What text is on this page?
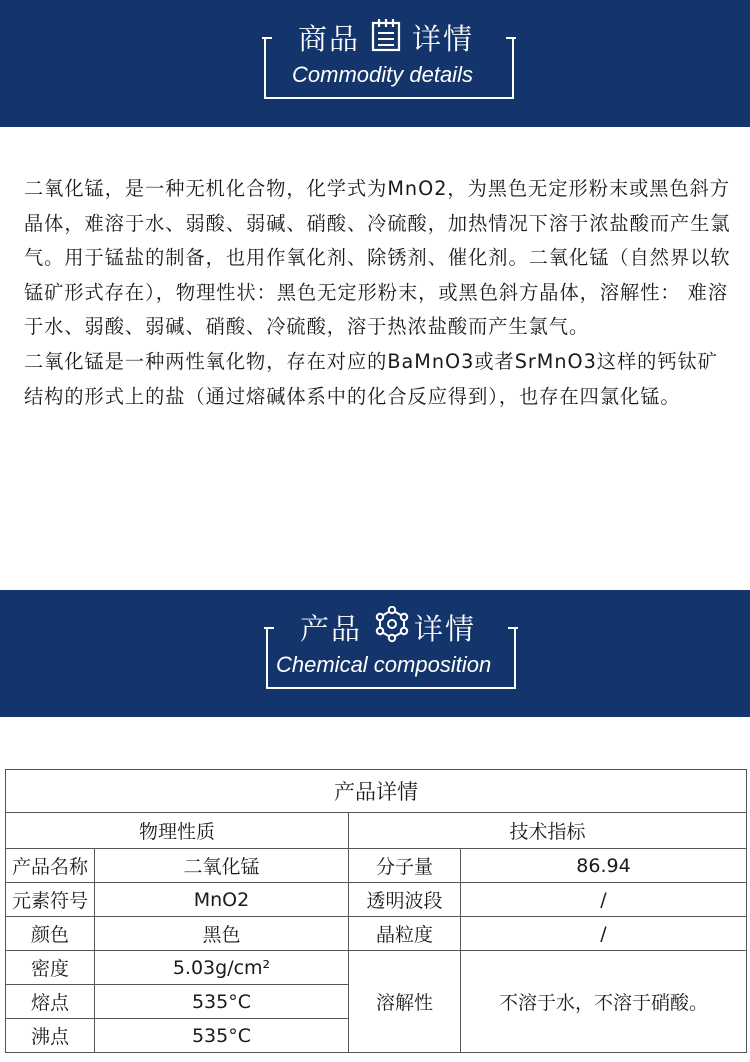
商品 详情
Commodity details

二氧化锰，是一种无机化合物，化学式为MnO2，为黑色无定形粉末或黑色斜方晶体，难溶于水、弱酸、弱碱、硝酸、冷硫酸，加热情况下溶于浓盐酸而产生氯气。用于锰盐的制备，也用作氧化剂、除锈剂、催化剂。二氧化锰（自然界以软锰矿形式存在），物理性状：黑色无定形粉末，或黑色斜方晶体，溶解性： 难溶于水、弱酸、弱碱、硝酸、冷硫酸，溶于热浓盐酸而产生氯气。

二氧化锰是一种两性氧化物，存在对应的BaMnO3或者SrMnO3这样的钙钛矿结构的形式上的盐（通过熔碱体系中的化合反应得到），也存在四氯化锰。

产品 详情
Chemical composition
产品详情			
物理性质		技术指标	
产品名称	二氧化锰	分子量	86.94
元素符号	MnO2	透明波段	/
颜色	黑色	晶粒度	/
密度	5.03g/cm²	溶解性	不溶于水，不溶于硝酸。
熔点	535°C		
沸点	535°C		
